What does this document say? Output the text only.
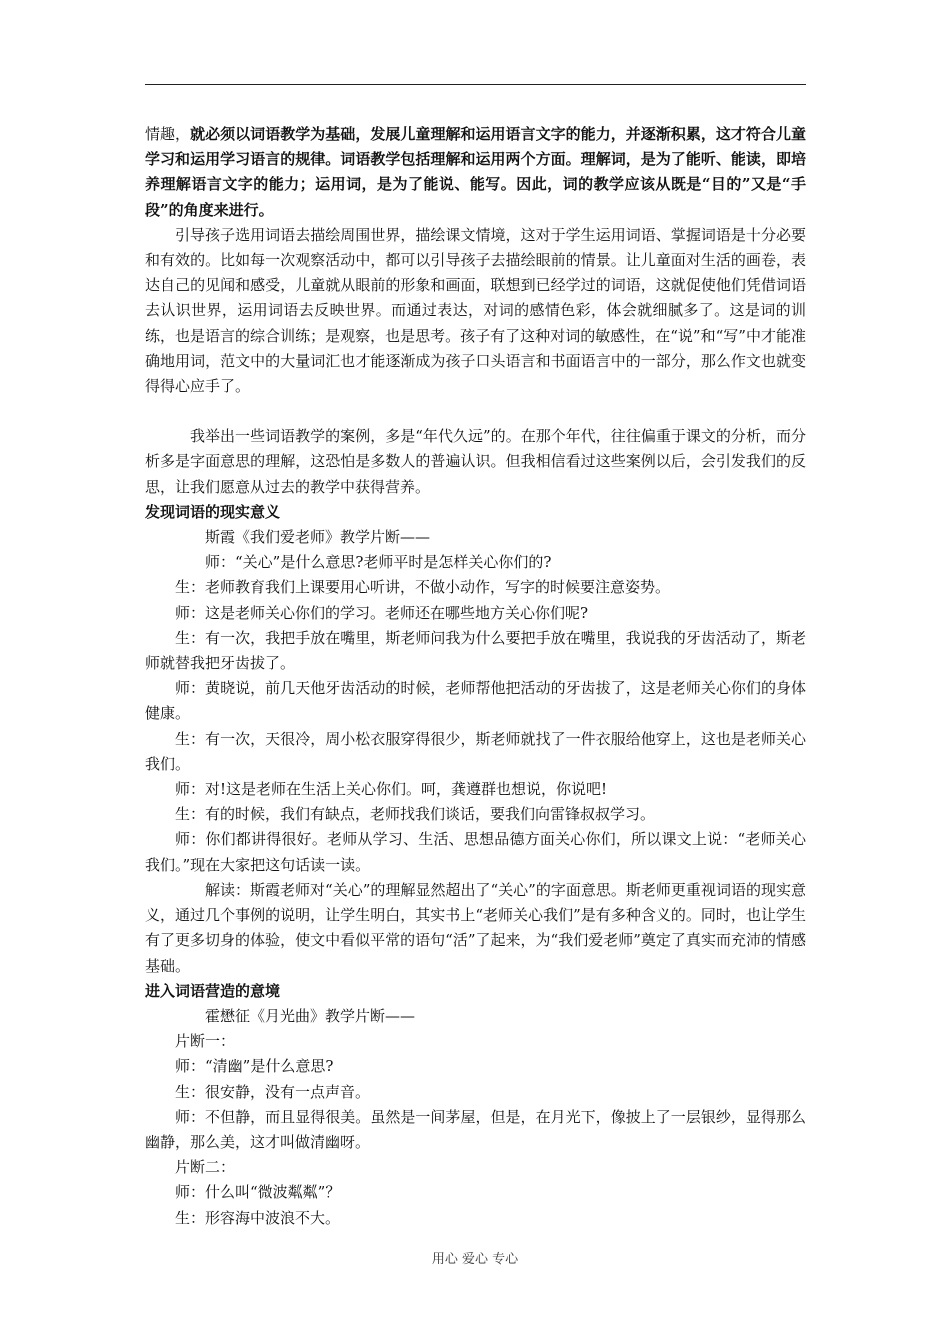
情趣，就必须以词语教学为基础，发展儿童理解和运用语言文字的能力，并逐渐积累，这才符合儿童学习和运用学习语言的规律。词语教学包括理解和运用两个方面。理解词，是为了能听、能读，即培养理解语言文字的能力；运用词，是为了能说、能写。因此，词的教学应该从既是“目的”又是“手段”的角度来进行。

引导孩子选用词语去描绘周围世界，描绘课文情境，这对于学生运用词语、掌握词语是十分必要和有效的。比如每一次观察活动中，都可以引导孩子去描绘眼前的情景。让儿童面对生活的画卷，表达自己的见闻和感受，儿童就从眼前的形象和画面，联想到已经学过的词语，这就促使他们凭借词语去认识世界，运用词语去反映世界。而通过表达，对词的感情色彩，体会就细腻多了。这是词的训练，也是语言的综合训练；是观察，也是思考。孩子有了这种对词的敏感性，在“说”和“写”中才能准确地用词，范文中的大量词汇也才能逐渐成为孩子口头语言和书面语言中的一部分，那么作文也就变得得心应手了。

我举出一些词语教学的案例，多是“年代久远”的。在那个年代，往往偏重于课文的分析，而分析多是字面意思的理解，这恐怕是多数人的普遍认识。但我相信看过这些案例以后，会引发我们的反思，让我们愿意从过去的教学中获得营养。

发现词语的现实意义

斯霞《我们爱老师》教学片断——

师：“关心”是什么意思?老师平时是怎样关心你们的?

生：老师教育我们上课要用心听讲，不做小动作，写字的时候要注意姿势。

师：这是老师关心你们的学习。老师还在哪些地方关心你们呢?

生：有一次，我把手放在嘴里，斯老师问我为什么要把手放在嘴里，我说我的牙齿活动了，斯老师就替我把牙齿拔了。

师：黄晓说，前几天他牙齿活动的时候，老师帮他把活动的牙齿拔了，这是老师关心你们的身体健康。

生：有一次，天很冷，周小松衣服穿得很少，斯老师就找了一件衣服给他穿上，这也是老师关心我们。

师：对!这是老师在生活上关心你们。呵，龚遵群也想说，你说吧!

生：有的时候，我们有缺点，老师找我们谈话，要我们向雷锋叔叔学习。

师：你们都讲得很好。老师从学习、生活、思想品德方面关心你们，所以课文上说：“老师关心我们。”现在大家把这句话读一读。

解读：斯霞老师对“关心”的理解显然超出了“关心”的字面意思。斯老师更重视词语的现实意义，通过几个事例的说明，让学生明白，其实书上“老师关心我们”是有多种含义的。同时，也让学生有了更多切身的体验，使文中看似平常的语句“活”了起来，为“我们爱老师”奠定了真实而充沛的情感基础。

进入词语营造的意境

霍懋征《月光曲》教学片断——

片断一：

师：“清幽”是什么意思?

生：很安静，没有一点声音。

师：不但静，而且显得很美。虽然是一间茅屋，但是，在月光下，像披上了一层银纱，显得那么幽静，那么美，这才叫做清幽呀。

片断二：

师：什么叫“微波粼粼”？

生：形容海中波浪不大。

用心 爱心 专心
